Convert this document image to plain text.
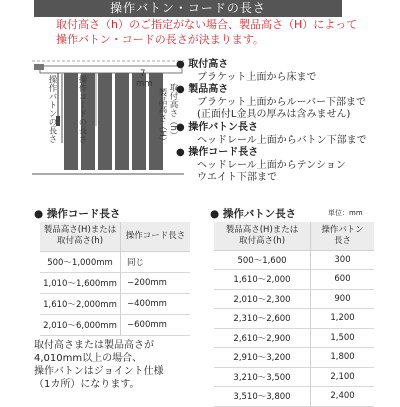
操作バトン・コードの長さ
取付高さ（h）のご指定がない場合、製品高さ（H）によって
操作バトン・コードの長さが決まります。
操作コードの長さ
操作バトンの長さ	製品高さ（H） 取付高さ（h）
7
mm
● 取付高さ
ブラケット上面から床まで
● 製品高さ
ブラケット上面からルーバー下部まで
(正面付L金具の厚みは含みません)
● 操作バトン長さ
ヘッドレール上面からバトン下部まで
● 操作コード長さ
ヘッドレール上面からテンション
ウエイト下部まで
● 操作コード長さ
製品高さ(H)または
取付高さ(h)	操作コード長さ
500～1,000mm	同じ
1,010～1,600mm	−200mm
1,610～2,000mm	−400mm
2,010～6,000mm	−600mm
● 操作バトン長さ	単位：mm
製品高さ(H)または
取付高さ(h)	操作バトン
長さ
500～1,600	300
1,610～2,000	600
2,010～2,300	900
2,310～2,600	1,200
2,610～2,900	1,500
2,910～3,200	1,800
3,210～3,500	2,100
3,510～3,800	2,400
取付高さまたは製品高さが
4,010mm以上の場合、
操作バトンはジョイント仕様
（1カ所）になります。
